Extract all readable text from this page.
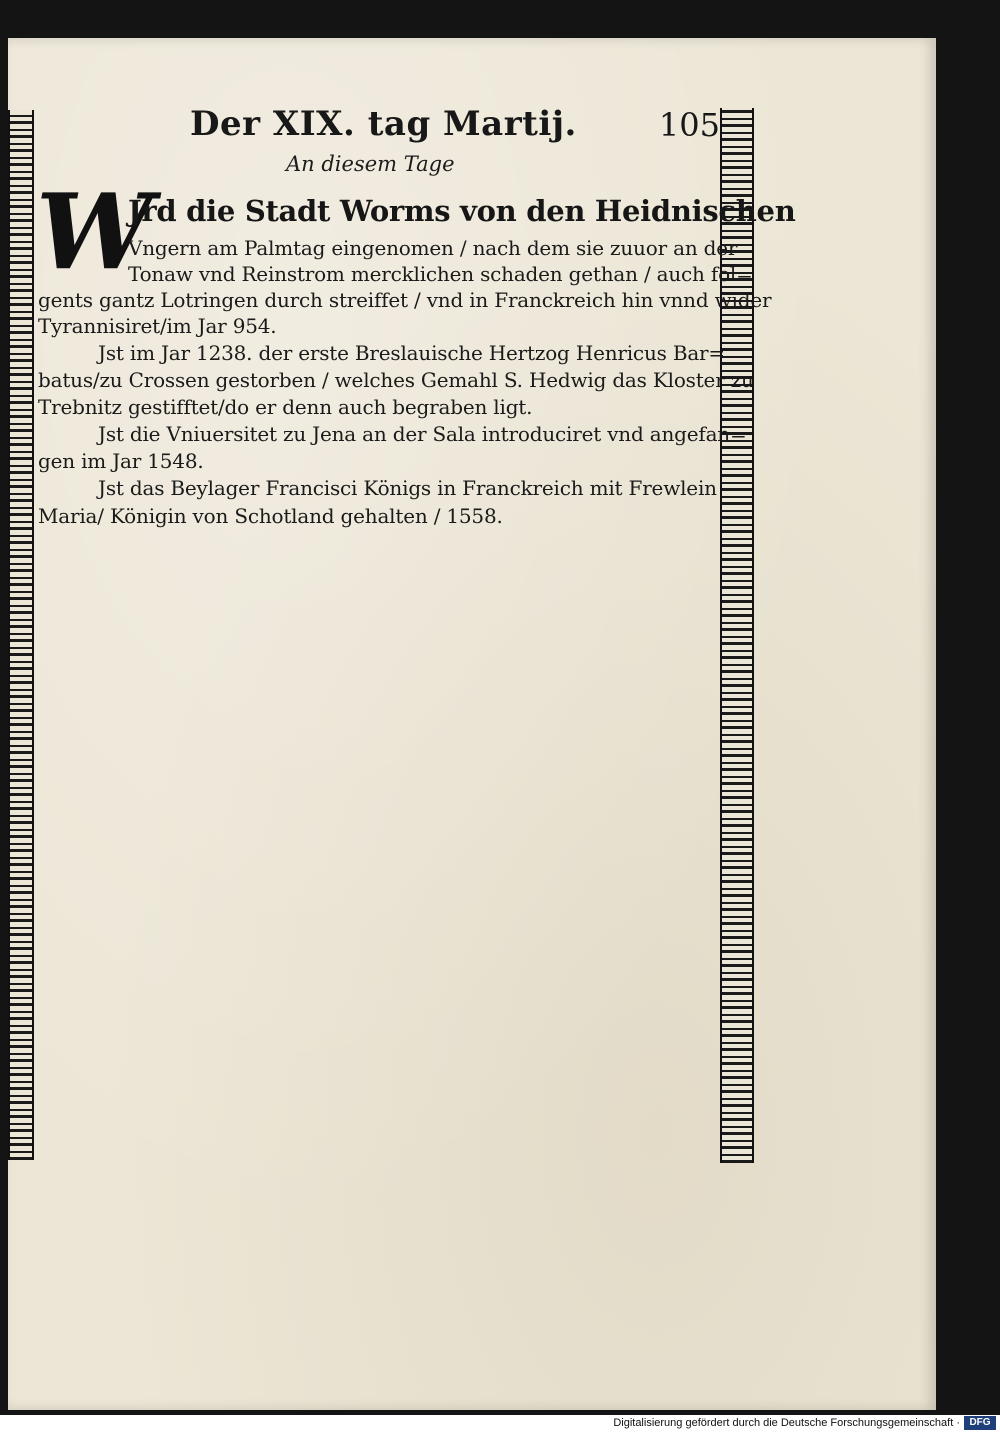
Der XIX. tag Martij.	105
An diesem Tage
W
Jrd die Stadt Worms von den Heidnischen
Vngern am Palmtag eingenomen / nach dem sie zuuor an der
Tonaw vnd Reinstrom mercklichen schaden gethan / auch fol=
gents gantz Lotringen durch streiffet / vnd in Franckreich hin vnnd wider
Tyrannisiret/im Jar 954.
Jst im Jar 1238. der erste Breslauische Hertzog Henricus Bar=
batus/zu Crossen gestorben / welches Gemahl S. Hedwig das Kloster zu
Trebnitz gestifftet/do er denn auch begraben ligt.
Jst die Vniuersitet zu Jena an der Sala introduciret vnd angefan=
gen im Jar 1548.
Jst das Beylager Francisci Königs in Franckreich mit Frewlein
Maria/ Königin von Schotland gehalten / 1558.
Digitalisierung gefördert durch die Deutsche Forschungsgemeinschaft · DFG
